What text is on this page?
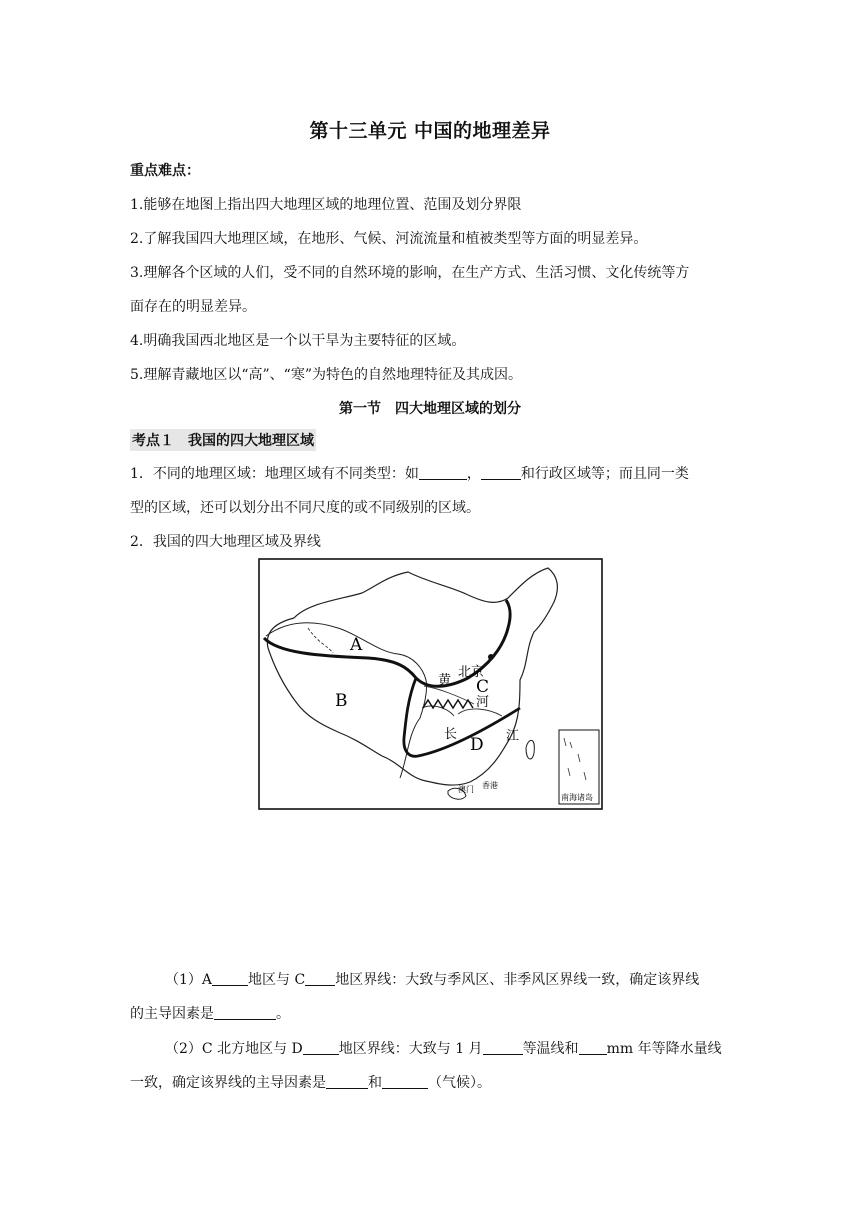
第十三单元 中国的地理差异
重点难点：
1.能够在地图上指出四大地理区域的地理位置、范围及划分界限
2.了解我国四大地理区域，在地形、气候、河流流量和植被类型等方面的明显差异。
3.理解各个区域的人们，受不同的自然环境的影响，在生产方式、生活习惯、文化传统等方
面存在的明显差异。
4.明确我国西北地区是一个以干旱为主要特征的区域。
5.理解青藏地区以“高”、“寒”为特色的自然地理特征及其成因。
第一节　四大地理区域的划分
考点１　我国的四大地理区域
1．不同的地理区域：地理区域有不同类型：如	，	和行政区域等；而且同一类
型的区域，还可以划分出不同尺度的或不同级别的区域。
2．我国的四大地理区域及界线
A
B
C
D
北京
黄
河
长	江
澳门 香港
南海诸岛
（1）A	地区与 C 地区界线：大致与季风区、非季风区界线一致，确定该界线
的主导因素是	。
（2）C 北方地区与 D	地区界线：大致与 1 月	等温线和 mm 年等降水量线
一致，确定该界线的主导因素是	和	（气候）。
